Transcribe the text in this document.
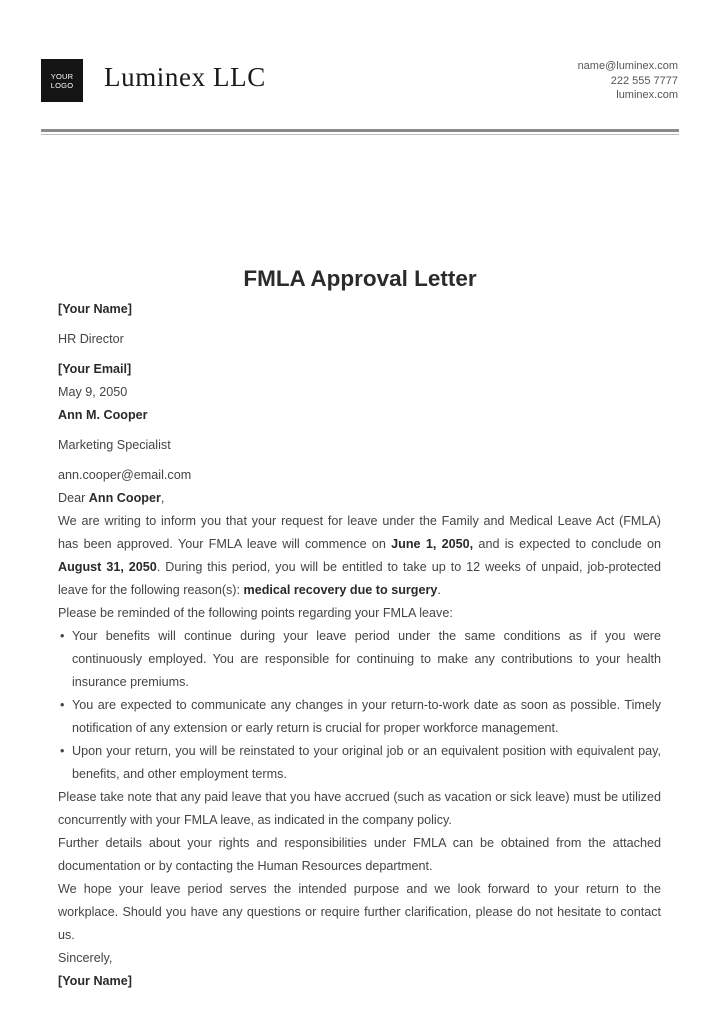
YOUR
LOGO Luminex LLC	name@luminex.com
222 555 7777
luminex.com
FMLA Approval Letter
[Your Name]
HR Director
[Your Email]
May 9, 2050
Ann M. Cooper
Marketing Specialist
ann.cooper@email.com
Dear Ann Cooper,
We are writing to inform you that your request for leave under the Family and Medical Leave Act (FMLA) has been approved. Your FMLA leave will commence on June 1, 2050, and is expected to conclude on August 31, 2050. During this period, you will be entitled to take up to 12 weeks of unpaid, job-protected leave for the following reason(s): medical recovery due to surgery.
Please be reminded of the following points regarding your FMLA leave:
• Your benefits will continue during your leave period under the same conditions as if you were continuously employed. You are responsible for continuing to make any contributions to your health insurance premiums.
• You are expected to communicate any changes in your return-to-work date as soon as possible. Timely notification of any extension or early return is crucial for proper workforce management.
• Upon your return, you will be reinstated to your original job or an equivalent position with equivalent pay, benefits, and other employment terms.
Please take note that any paid leave that you have accrued (such as vacation or sick leave) must be utilized concurrently with your FMLA leave, as indicated in the company policy.
Further details about your rights and responsibilities under FMLA can be obtained from the attached documentation or by contacting the Human Resources department.
We hope your leave period serves the intended purpose and we look forward to your return to the workplace. Should you have any questions or require further clarification, please do not hesitate to contact us.
Sincerely,
[Your Name]
